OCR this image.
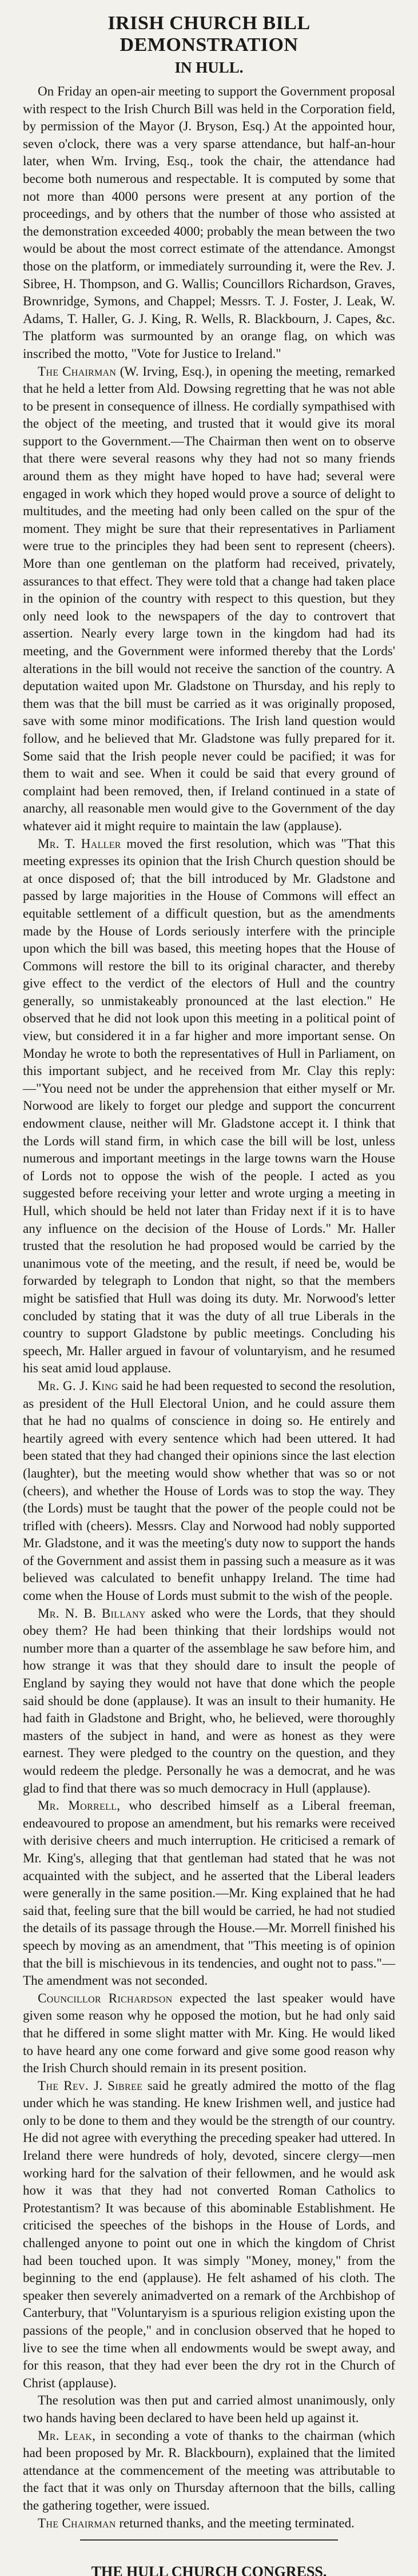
IRISH CHURCH BILL DEMONSTRATION
IN HULL.

On Friday an open-air meeting to support the Government proposal with respect to the Irish Church Bill was held in the Corporation field, by permission of the Mayor (J. Bryson, Esq.) At the appointed hour, seven o'clock, there was a very sparse attendance, but half-an-hour later, when Wm. Irving, Esq., took the chair, the attendance had become both numerous and respectable. It is computed by some that not more than 4000 persons were present at any portion of the proceedings, and by others that the number of those who assisted at the demonstration exceeded 4000; probably the mean between the two would be about the most correct estimate of the attendance. Amongst those on the platform, or immediately surrounding it, were the Rev. J. Sibree, H. Thompson, and G. Wallis; Councillors Richardson, Graves, Brownridge, Symons, and Chappel; Messrs. T. J. Foster, J. Leak, W. Adams, T. Haller, G. J. King, R. Wells, R. Blackbourn, J. Capes, &c. The platform was surmounted by an orange flag, on which was inscribed the motto, "Vote for Justice to Ireland."

The Chairman (W. Irving, Esq.), in opening the meeting, remarked that he held a letter from Ald. Dowsing regretting that he was not able to be present in consequence of illness. He cordially sympathised with the object of the meeting, and trusted that it would give its moral support to the Government.—The Chairman then went on to observe that there were several reasons why they had not so many friends around them as they might have hoped to have had; several were engaged in work which they hoped would prove a source of delight to multitudes, and the meeting had only been called on the spur of the moment. They might be sure that their representatives in Parliament were true to the principles they had been sent to represent (cheers). More than one gentleman on the platform had received, privately, assurances to that effect. They were told that a change had taken place in the opinion of the country with respect to this question, but they only need look to the newspapers of the day to controvert that assertion. Nearly every large town in the kingdom had had its meeting, and the Government were informed thereby that the Lords' alterations in the bill would not receive the sanction of the country. A deputation waited upon Mr. Gladstone on Thursday, and his reply to them was that the bill must be carried as it was originally proposed, save with some minor modifications. The Irish land question would follow, and he believed that Mr. Gladstone was fully prepared for it. Some said that the Irish people never could be pacified; it was for them to wait and see. When it could be said that every ground of complaint had been removed, then, if Ireland continued in a state of anarchy, all reasonable men would give to the Government of the day whatever aid it might require to maintain the law (applause).

Mr. T. Haller moved the first resolution, which was "That this meeting expresses its opinion that the Irish Church question should be at once disposed of; that the bill introduced by Mr. Gladstone and passed by large majorities in the House of Commons will effect an equitable settlement of a difficult question, but as the amendments made by the House of Lords seriously interfere with the principle upon which the bill was based, this meeting hopes that the House of Commons will restore the bill to its original character, and thereby give effect to the verdict of the electors of Hull and the country generally, so unmistakeably pronounced at the last election." He observed that he did not look upon this meeting in a political point of view, but considered it in a far higher and more important sense. On Monday he wrote to both the representatives of Hull in Parliament, on this important subject, and he received from Mr. Clay this reply:—"You need not be under the apprehension that either myself or Mr. Norwood are likely to forget our pledge and support the concurrent endowment clause, neither will Mr. Gladstone accept it. I think that the Lords will stand firm, in which case the bill will be lost, unless numerous and important meetings in the large towns warn the House of Lords not to oppose the wish of the people. I acted as you suggested before receiving your letter and wrote urging a meeting in Hull, which should be held not later than Friday next if it is to have any influence on the decision of the House of Lords." Mr. Haller trusted that the resolution he had proposed would be carried by the unanimous vote of the meeting, and the result, if need be, would be forwarded by telegraph to London that night, so that the members might be satisfied that Hull was doing its duty. Mr. Norwood's letter concluded by stating that it was the duty of all true Liberals in the country to support Gladstone by public meetings. Concluding his speech, Mr. Haller argued in favour of voluntaryism, and he resumed his seat amid loud applause.

Mr. G. J. King said he had been requested to second the resolution, as president of the Hull Electoral Union, and he could assure them that he had no qualms of conscience in doing so. He entirely and heartily agreed with every sentence which had been uttered. It had been stated that they had changed their opinions since the last election (laughter), but the meeting would show whether that was so or not (cheers), and whether the House of Lords was to stop the way. They (the Lords) must be taught that the power of the people could not be trifled with (cheers). Messrs. Clay and Norwood had nobly supported Mr. Gladstone, and it was the meeting's duty now to support the hands of the Government and assist them in passing such a measure as it was believed was calculated to benefit unhappy Ireland. The time had come when the House of Lords must submit to the wish of the people.

Mr. N. B. Billany asked who were the Lords, that they should obey them? He had been thinking that their lordships would not number more than a quarter of the assemblage he saw before him, and how strange it was that they should dare to insult the people of England by saying they would not have that done which the people said should be done (applause). It was an insult to their humanity. He had faith in Gladstone and Bright, who, he believed, were thoroughly masters of the subject in hand, and were as honest as they were earnest. They were pledged to the country on the question, and they would redeem the pledge. Personally he was a democrat, and he was glad to find that there was so much democracy in Hull (applause).

Mr. Morrell, who described himself as a Liberal freeman, endeavoured to propose an amendment, but his remarks were received with derisive cheers and much interruption. He criticised a remark of Mr. King's, alleging that that gentleman had stated that he was not acquainted with the subject, and he asserted that the Liberal leaders were generally in the same position.—Mr. King explained that he had said that, feeling sure that the bill would be carried, he had not studied the details of its passage through the House.—Mr. Morrell finished his speech by moving as an amendment, that "This meeting is of opinion that the bill is mischievous in its tendencies, and ought not to pass."—The amendment was not seconded.

Councillor Richardson expected the last speaker would have given some reason why he opposed the motion, but he had only said that he differed in some slight matter with Mr. King. He would liked to have heard any one come forward and give some good reason why the Irish Church should remain in its present position.

The Rev. J. Sibree said he greatly admired the motto of the flag under which he was standing. He knew Irishmen well, and justice had only to be done to them and they would be the strength of our country. He did not agree with everything the preceding speaker had uttered. In Ireland there were hundreds of holy, devoted, sincere clergy—men working hard for the salvation of their fellowmen, and he would ask how it was that they had not converted Roman Catholics to Protestantism? It was because of this abominable Establishment. He criticised the speeches of the bishops in the House of Lords, and challenged anyone to point out one in which the kingdom of Christ had been touched upon. It was simply "Money, money," from the beginning to the end (applause). He felt ashamed of his cloth. The speaker then severely animadverted on a remark of the Archbishop of Canterbury, that "Voluntaryism is a spurious religion existing upon the passions of the people," and in conclusion observed that he hoped to live to see the time when all endowments would be swept away, and for this reason, that they had ever been the dry rot in the Church of Christ (applause).

The resolution was then put and carried almost unanimously, only two hands having been declared to have been held up against it.

Mr. Leak, in seconding a vote of thanks to the chairman (which had been proposed by Mr. R. Blackbourn), explained that the limited attendance at the commencement of the meeting was attributable to the fact that it was only on Thursday afternoon that the bills, calling the gathering together, were issued.

The Chairman returned thanks, and the meeting terminated.

THE HULL CHURCH CONGRESS.
